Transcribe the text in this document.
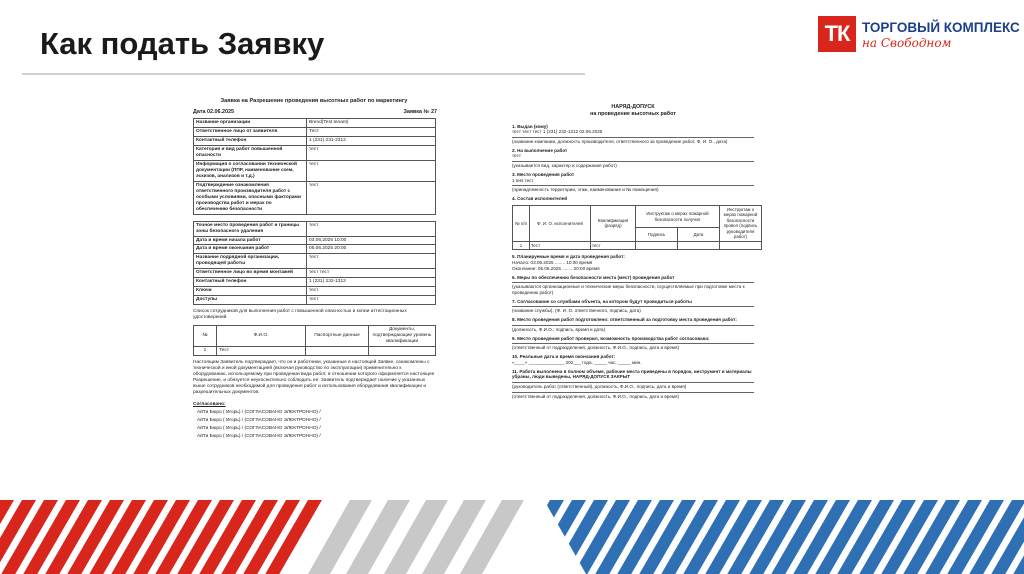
Как подать Заявку	ТК ТОРГОВЫЙ КОМПЛЕКС
на Свободном
Заявка на Разрешение проведения высотных работ по маркетингу
Дата 02.06.2025	Заявка № 27
Название организации	Brend(Test tenant)
Ответственное лицо от заявителя	Тест
Контактный телефон	1 (231) 231-2312
Категория и вид работ повышенной опасности	тест
Информация о согласовании технической документации (ППР, наименование схем, эскизов, анализов и т.д.)	тест
Подтверждение ознакомления ответственного производителя работ с особыми условиями, опасными факторами производства работ и мерах по обеспечению безопасности	тест
Точное место проведения работ и границы зоны безопасного удаления	тест
Дата и время начала работ	03.06.2025 10:00
Дата и время окончания работ	05.06.2025 20:00
Название подрядной организации, проводящей работы	тест
Ответственное лицо во время монтажей	тест тест
Контактный телефон	1 (231) 232-1312
Ключи	тест
Доступы	тест
Список сотрудников для выполнения работ с повышенной опасностью и копии аттестационных удостоверений
№	Ф.И.О.	Паспортные данные	Документы, подтверждающие уровень квалификации
1	Тест		
Настоящим Заявитель подтверждает, что он и работники, указанные в настоящей Заявке, ознакомлены с технической и иной документацией (включая руководство по эксплуатации) применительно к оборудованию, используемому при проведении вида работ, в отношении которого оформляется настоящее Разрешение, и обязуется неукоснительно соблюдать ее. Заявитель подтверждает наличие у указанных выше сотрудников необходимой для проведения работ и использования оборудования квалификации и разрешительных документов.
Согласовано:
АйТи Бюро ( Игорь) / (СОГЛАСОВАНО ЭЛЕКТРОННО) /
АйТи Бюро ( Игорь) / (СОГЛАСОВАНО ЭЛЕКТРОННО) /
АйТи Бюро ( Игорь) / (СОГЛАСОВАНО ЭЛЕКТРОННО) /
АйТи Бюро ( Игорь) / (СОГЛАСОВАНО ЭЛЕКТРОННО) /
НАРЯД-ДОПУСК
на проведение высотных работ
1. Выдан (кому)
тест тест тест 1 (231) 232-1312 02.06.2025
(название компании, должность производителя, ответственного за проведение работ, Ф. И. О., дата)
2. На выполнение работ
тест
(указывается вид, характер и содержание работ)
3. Место проведения работ
1 test тест
(принадлежность территории, этаж, наименование и № помещения)
4. Состав исполнителей
№ п/п	Ф. И. О. исполнителей	Квалификация (разряд)	Инструктаж о мерах пожарной безопасности получил		Инструктаж о мерах пожарной безопасности провел (подпись руководителя работ)
			Подпись	Дата	
1	Тест	тест			
5. Планируемые время и дата проведения работ:
Начало: 03.06.2025 ........ 10:00 время
Окончание: 05.06.2025 ........ 20:00 время
6. Меры по обеспечению безопасности места (мест) проведения работ
(указываются организационные и технические меры безопасности, осуществляемые при подготовке места к проведению работ)
7. Согласование со службами объекта, на котором будут проводиться работы
(название службы), (Ф. И. О. ответственного, подпись, дата)
8. Место проведения работ подготовлено: ответственный за подготовку места проведения работ:
(должность, Ф.И.О.; подпись, время и дата)
9. Место проведения работ проверил, возможность производства работ согласована:
(ответственный от подразделения, должность, Ф.И.О., подпись, дата и время)
10. Реальные дата и время окончания работ:
«____» ______________ 202___ года, _____ час. _____ мин.
11. Работа выполнена в полном объеме, рабочие места приведены в порядок, инструмент и материалы убраны, люди выведены, НАРЯД-ДОПУСК ЗАКРЫТ
(руководитель работ (ответственный), должность, Ф.И.О., подпись, дата и время)
(ответственный от подразделения, должность, Ф.И.О., подпись, дата и время)
